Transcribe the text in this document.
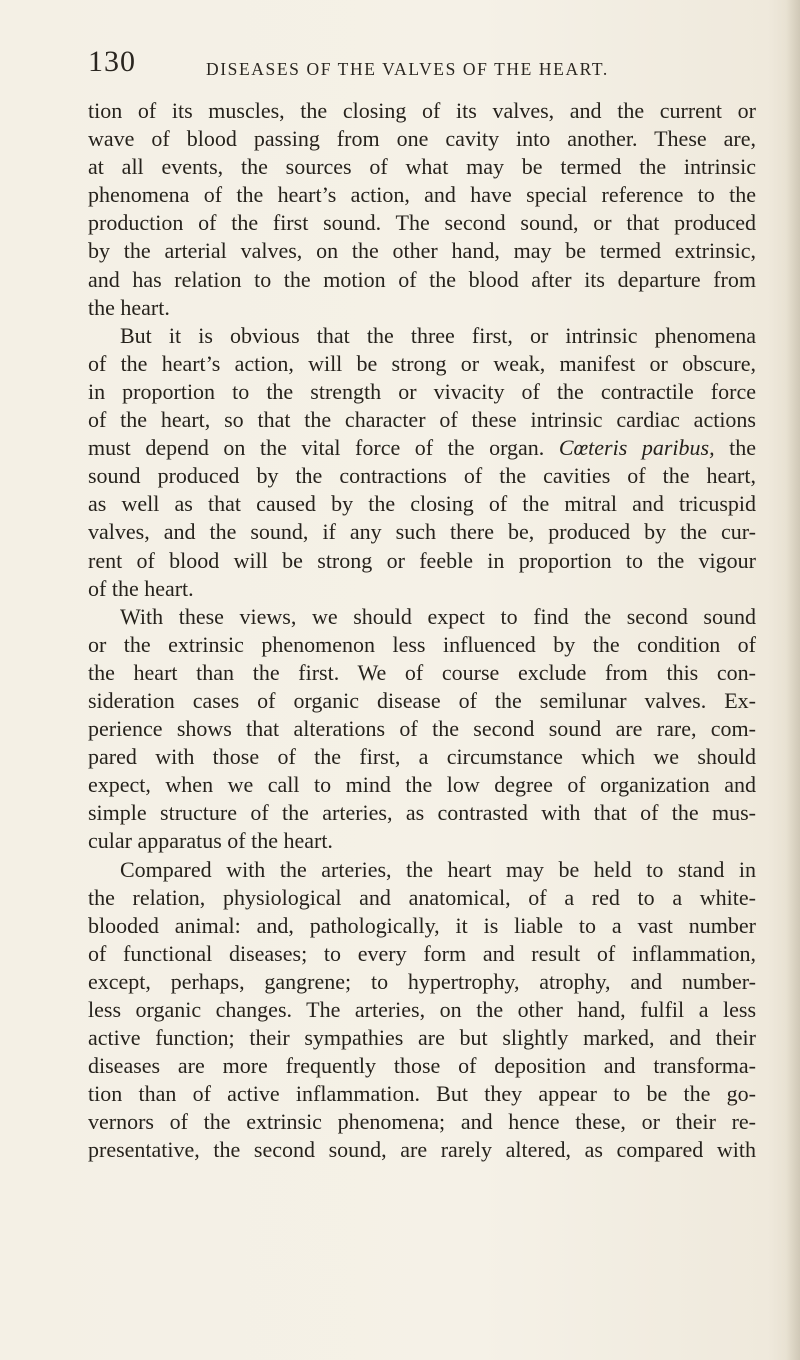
130	DISEASES OF THE VALVES OF THE HEART.
tion of its muscles, the closing of its valves, and the current or
wave of blood passing from one cavity into another. These are,
at all events, the sources of what may be termed the intrinsic
phenomena of the heart’s action, and have special reference to the
production of the first sound. The second sound, or that produced
by the arterial valves, on the other hand, may be termed extrinsic,
and has relation to the motion of the blood after its departure from
the heart.
But it is obvious that the three first, or intrinsic phenomena
of the heart’s action, will be strong or weak, manifest or obscure,
in proportion to the strength or vivacity of the contractile force
of the heart, so that the character of these intrinsic cardiac actions
must depend on the vital force of the organ. Cœteris paribus, the
sound produced by the contractions of the cavities of the heart,
as well as that caused by the closing of the mitral and tricuspid
valves, and the sound, if any such there be, produced by the cur-
rent of blood will be strong or feeble in proportion to the vigour
of the heart.
With these views, we should expect to find the second sound
or the extrinsic phenomenon less influenced by the condition of
the heart than the first. We of course exclude from this con-
sideration cases of organic disease of the semilunar valves. Ex-
perience shows that alterations of the second sound are rare, com-
pared with those of the first, a circumstance which we should
expect, when we call to mind the low degree of organization and
simple structure of the arteries, as contrasted with that of the mus-
cular apparatus of the heart.
Compared with the arteries, the heart may be held to stand in
the relation, physiological and anatomical, of a red to a white-
blooded animal: and, pathologically, it is liable to a vast number
of functional diseases; to every form and result of inflammation,
except, perhaps, gangrene; to hypertrophy, atrophy, and number-
less organic changes. The arteries, on the other hand, fulfil a less
active function; their sympathies are but slightly marked, and their
diseases are more frequently those of deposition and transforma-
tion than of active inflammation. But they appear to be the go-
vernors of the extrinsic phenomena; and hence these, or their re-
presentative, the second sound, are rarely altered, as compared with
